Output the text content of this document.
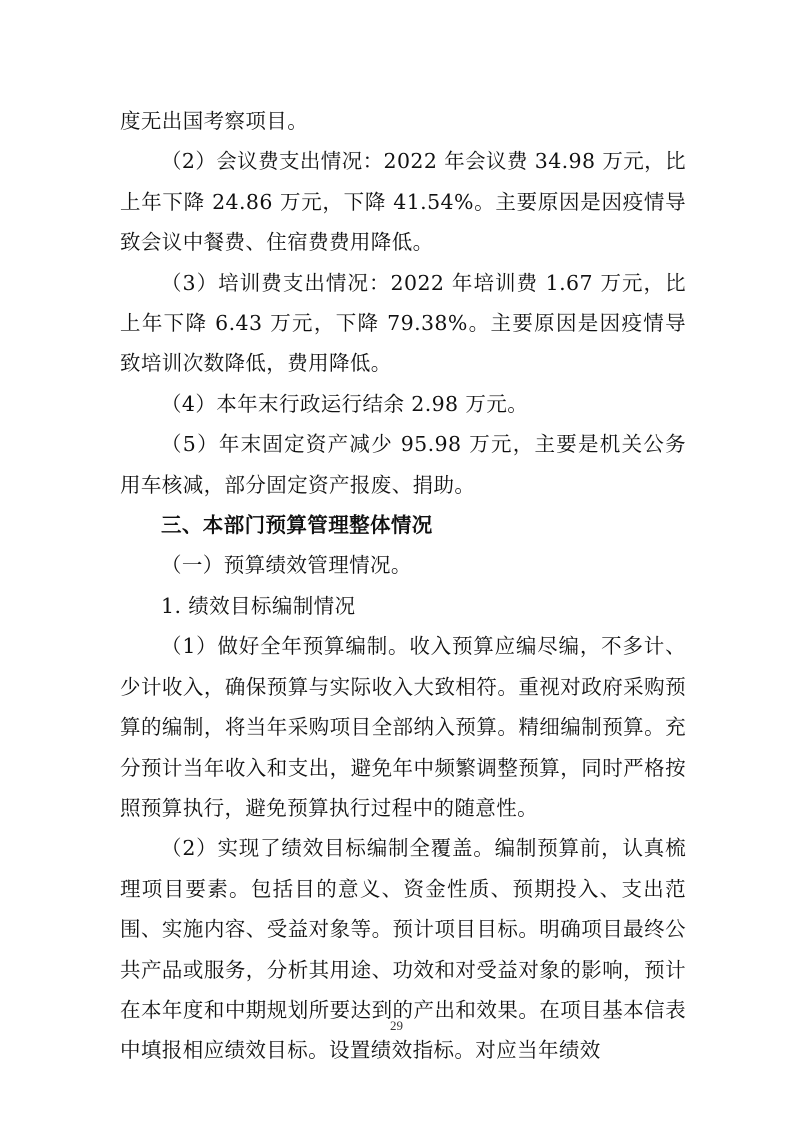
度无出国考察项目。

（2）会议费支出情况：2022 年会议费 34.98 万元，比上年下降 24.86 万元，下降 41.54%。主要原因是因疫情导致会议中餐费、住宿费费用降低。

（3）培训费支出情况：2022 年培训费 1.67 万元，比上年下降 6.43 万元，下降 79.38%。主要原因是因疫情导致培训次数降低，费用降低。

（4）本年末行政运行结余 2.98 万元。

（5）年末固定资产减少 95.98 万元，主要是机关公务用车核减，部分固定资产报废、捐助。

三、本部门预算管理整体情况

（一）预算绩效管理情况。

1. 绩效目标编制情况

（1）做好全年预算编制。收入预算应编尽编，不多计、少计收入，确保预算与实际收入大致相符。重视对政府采购预算的编制，将当年采购项目全部纳入预算。精细编制预算。充分预计当年收入和支出，避免年中频繁调整预算，同时严格按照预算执行，避免预算执行过程中的随意性。

（2）实现了绩效目标编制全覆盖。编制预算前，认真梳理项目要素。包括目的意义、资金性质、预期投入、支出范围、实施内容、受益对象等。预计项目目标。明确项目最终公共产品或服务，分析其用途、功效和对受益对象的影响，预计在本年度和中期规划所要达到的产出和效果。在项目基本信表中填报相应绩效目标。设置绩效指标。对应当年绩效

29
